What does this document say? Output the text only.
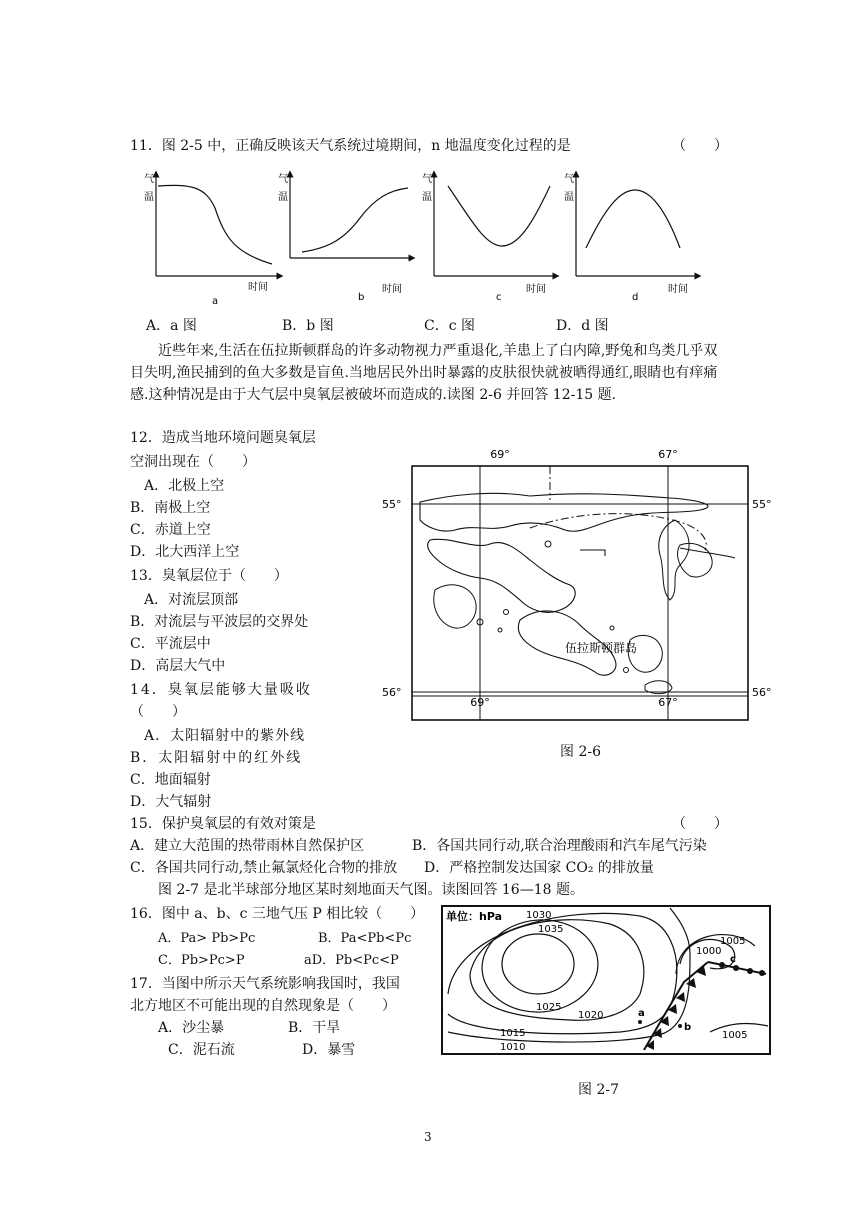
11．图 2-5 中，正确反映该天气系统过境期间，n 地温度变化过程的是	（　　）
气
温
时间
a
气
温
时间
b
气
温
时间
c
气
温
时间
d
A．a 图	B．b 图	C．c 图	D．d 图
近些年来,生活在伍拉斯顿群岛的许多动物视力严重退化,羊患上了白内障,野兔和鸟类几乎双目失明,渔民捕到的鱼大多数是盲鱼.当地居民外出时暴露的皮肤很快就被晒得通红,眼睛也有痒痛感.这种情况是由于大气层中臭氧层被破坏而造成的.读图 2-6 并回答 12-15 题.
12．造成当地环境问题臭氧层
空洞出现在（　　）
A．北极上空
B．南极上空
C．赤道上空
D．北大西洋上空
13．臭氧层位于（　　）
A．对流层顶部
B．对流层与平波层的交界处
C．平流层中
D．高层大气中
14．臭氧层能够大量吸收
（　　）
A．太阳辐射中的紫外线
B．太阳辐射中的红外线
C．地面辐射
D．大气辐射
69°	67°
55°	55°
56°	56°
69°	67°
伍拉斯顿群岛
图 2-6
15．保护臭氧层的有效对策是	（　　）
A．建立大范围的热带雨林自然保护区	B．各国共同行动,联合治理酸雨和汽车尾气污染
C．各国共同行动,禁止氟氯烃化合物的排放 D．严格控制发达国家 CO₂ 的排放量
图 2-7 是北半球部分地区某时刻地面天气图。读图回答 16—18 题。
16．图中 a、b、c 三地气压 P 相比较（　　）
A．Pa> Pb>Pc	B．Pa<Pb<Pc
C．Pb>Pc>P	aD．Pb<Pc<P
17．当图中所示天气系统影响我国时，我国
北方地区不可能出现的自然现象是（　　）
A．沙尘暴	B．干旱
C．泥石流	D．暴雪
单位：hPa 1030
1035
1025
1020
1015
1010
1000
1005
1005
a
b
c
图 2-7
3
